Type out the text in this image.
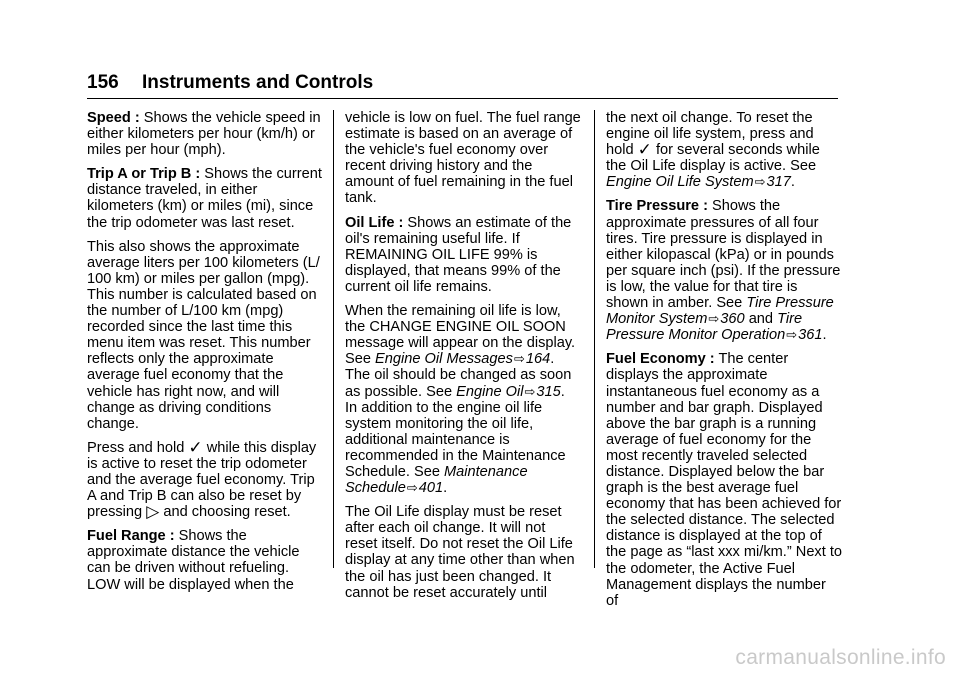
156 Instruments and Controls

Speed : Shows the vehicle speed in either kilometers per hour (km/h) or miles per hour (mph).

Trip A or Trip B : Shows the current distance traveled, in either kilometers (km) or miles (mi), since the trip odometer was last reset.

This also shows the approximate average liters per 100 kilometers (L/ 100 km) or miles per gallon (mpg). This number is calculated based on the number of L/100 km (mpg) recorded since the last time this menu item was reset. This number reflects only the approximate average fuel economy that the vehicle has right now, and will change as driving conditions change.

Press and hold ✓ while this display is active to reset the trip odometer and the average fuel economy. Trip A and Trip B can also be reset by pressing ▷ and choosing reset.

Fuel Range : Shows the approximate distance the vehicle can be driven without refueling. LOW will be displayed when the

vehicle is low on fuel. The fuel range estimate is based on an average of the vehicle's fuel economy over recent driving history and the amount of fuel remaining in the fuel tank.

Oil Life : Shows an estimate of the oil's remaining useful life. If REMAINING OIL LIFE 99% is displayed, that means 99% of the current oil life remains.

When the remaining oil life is low, the CHANGE ENGINE OIL SOON message will appear on the display. See Engine Oil Messages⇨164. The oil should be changed as soon as possible. See Engine Oil⇨315. In addition to the engine oil life system monitoring the oil life, additional maintenance is recommended in the Maintenance Schedule. See Maintenance Schedule⇨401.

The Oil Life display must be reset after each oil change. It will not reset itself. Do not reset the Oil Life display at any time other than when the oil has just been changed. It cannot be reset accurately until

the next oil change. To reset the engine oil life system, press and hold ✓ for several seconds while the Oil Life display is active. See Engine Oil Life System⇨317.

Tire Pressure : Shows the approximate pressures of all four tires. Tire pressure is displayed in either kilopascal (kPa) or in pounds per square inch (psi). If the pressure is low, the value for that tire is shown in amber. See Tire Pressure Monitor System⇨360 and Tire Pressure Monitor Operation⇨361.

Fuel Economy : The center displays the approximate instantaneous fuel economy as a number and bar graph. Displayed above the bar graph is a running average of fuel economy for the most recently traveled selected distance. Displayed below the bar graph is the best average fuel economy that has been achieved for the selected distance. The selected distance is displayed at the top of the page as “last xxx mi/km.” Next to the odometer, the Active Fuel Management displays the number of

carmanualsonline.info
